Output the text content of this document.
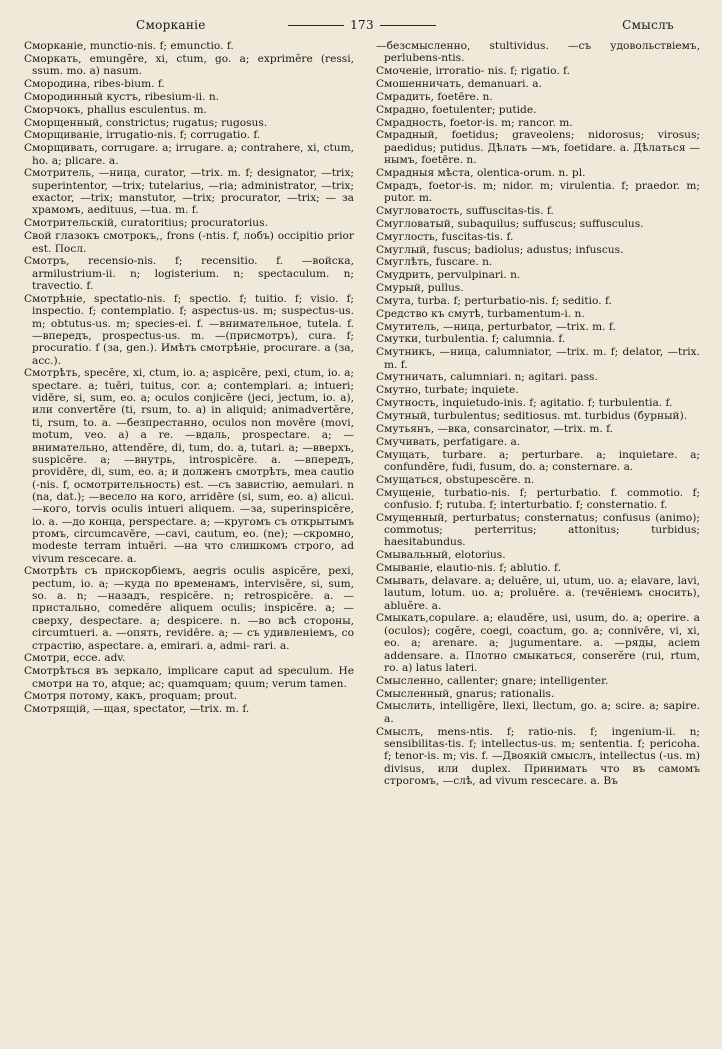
Сморканіе	173	Смыслъ

Сморканіе, munctio-nis. f; emunctio. f.

Сморкать, emungĕre, xi, ctum, go. a; exprimĕre (ressi, ssum. mo. a) nasum.

Смородина, ribes-bium. f.

Смородинный кустъ, ribesium-ii. n.

Сморчокъ, phallus esculentus. m.

Сморщенный, constrictus; rugatus; rugosus.

Сморщиваніе, irrugatio-nis. f; corrugatio. f.

Сморщивать, corrugare. a; irrugare. a; contrahere, xi, ctum, ho. a; plicare. a.

Смотритель, —ница, curator, —trix. m. f; designator, —trix; superintentor, —trix; tutelarius, —ria; administrator, —trix; exactor, —trix; manstutor, —trix; procurator, —trix; — за храмомъ, aedituus, —tua. m. f.

Смотрительскій, curatoritius; procuratorius.

Свой глазокъ смотрокъ,, frons (-ntis. f, лобъ) occipitio prior est. Посл.

Смотръ, recensio-nis. f; recensitio. f. —войска, armilustrium-ii. n; logisterium. n; spectaculum. n; travectio. f.

Смотрѣніе, spectatio-nis. f; spectio. f; tuitio. f; visio. f; inspectio. f; contemplatio. f; aspectus-us. m; suspectus-us. m; obtutus-us. m; species-ei. f. —внимательное, tutela. f. —впередъ, prospectus-us. m. —(присмотръ), cura. f; procuratio. f (за, gen.). Имѣть смотрѣніе, procurare. a (за, acc.).

Смотрѣть, specĕre, xi, ctum, io. a; aspicĕre, pexi, ctum, io. a; spectare. a; tuēri, tuitus, cor. a; contemplari. a; intueri; vidēre, si, sum, eo. a; oculos conjicĕre (jeci, jectum, io. a), или convertĕre (ti, rsum, to. a) in aliquid; animadvertĕre, ti, rsum, to. a. —безпрестанно, oculos non movēre (movi, motum, veo. a) a re. —вдаль, prospectare. a; —внимательно, attendĕre, di, tum, do. a, tutari. a; —вверхъ, suspicĕre. a; —внутрь, introspicĕre. a. —впередъ, providēre, di, sum, eo. a; и долженъ смотрѣть, mea cautio (-nis. f, осмотрительность) est. —съ завистію, aemulari. n (na, dat.); —весело на кого, arridēre (si, sum, eo. a) alicui. —кого, torvis oculis intueri aliquem. —за, superinspicĕre, io. a. —до конца, perspectare. a; —кругомъ съ открытымъ ртомъ, circumcavēre, —cavi, cautum, eo. (ne); —скромно, modeste terram intuēri. —на что слишкомъ строго, ad vivum rescecare. a.

Смотрѣть съ прискорбіемъ, aegris oculis aspicĕre, pexi, pectum, io. a; —куда по временамъ, intervisĕre, si, sum, so. a. n; —назадъ, respicĕre. n; retrospicĕre. a. —пристально, comedĕre aliquem oculis; inspicĕre. a; —сверху, despectare. a; despicere. n. —во всѣ стороны, circumtueri. a. —опять, revidēre. a; — съ удивленіемъ, со страстію, aspectare. a, emirari. a, admi- rari. a.

Смотри, ecce. adv.

Смотрѣться въ зеркало, implicare caput ad speculum. Не смотри на то, atque; ac; quamquam; quum; verum tamen.

Смотря потому, какъ, proquam; prout.

Смотрящій, —щая, spectator, —trix. m. f.

—безсмысленно, stultividus. —съ удовольствіемъ, perlubens-ntis.

Смоченіе, irroratio- nis. f; rigatio. f.

Смошенничать, demanuari. a.

Смрадить, foetēre. n.

Смрадно, foetulenter; putide.

Смрадность, foetor-is. m; rancor. m.

Смрадный, foetidus; graveolens; nidorosus; virosus; paedidus; putidus. Дѣлать —мъ, foetidare. a. Дѣлаться —нымъ, foetēre. n.

Смрадныя мѣста, olentica-orum. n. pl.

Смрадъ, foetor-is. m; nidor. m; virulentia. f; praedor. m; putor. m.

Смугловатость, suffuscitas-tis. f.

Смугловатый, subaquilus; suffuscus; suffusculus.

Смуглость, fuscitas-tis. f.

Смуглый, fuscus; badiolus; adustus; infuscus.

Смуглѣть, fuscare. n.

Смудрить, pervulpinari. n.

Смурый, pullus.

Смута, turba. f; perturbatio-nis. f; seditio. f.

Средство къ смутѣ, turbamentum-i. n.

Смутитель, —ница, perturbator, —trix. m. f.

Смутки, turbulentia. f; calumnia. f.

Смутникъ, —ница, calumniator, —trix. m. f; delator, —trix. m. f.

Смутничать, calumniari. n; agitari. pass.

Смутно, turbate; inquiete.

Смутность, inquietudo-inis. f; agitatio. f; turbulentia. f.

Смутный, turbulentus; seditiosus. mt. turbidus (бурный).

Смутьянъ, —вка, consarcinator, —trix. m. f.

Смучивать, perfatigare. a.

Смущать, turbare. a; perturbare. a; inquietare. a; confundĕre, fudi, fusum, do. a; consternare. a.

Смущаться, obstupescĕre. n.

Смущеніе, turbatio-nis. f; perturbatio. f. commotio. f; confusio. f; rutuba. f; interturbatio. f; consternatio. f.

Смущенный, perturbatus; consternatus; confusus (animo); commotus; perterritus; attonitus; turbidus; haesitabundus.

Смывальный, elotorius.

Смываніе, elautio-nis. f; ablutio. f.

Смывать, delavare. a; deluĕre, ui, utum, uo. a; elavare, lavi, lautum, lotum. uo. a; proluĕre. a. (течёніемъ сносить), abluĕre. a.

Смыкать,copulare. a; elaudĕre, usi, usum, do. a; operire. a (oculos); cogĕre, coegi, coactum, go. a; connivēre, vi, xi, eo. a; arenare. a; jugumentare. a. —ряды, aciem addensare. a. Плотно смыкаться, conserĕre (rui, rtum, ro. a) latus lateri.

Смысленно, callenter; gnare; intelligenter.

Смысленный, gnarus; rationalis.

Смыслить, intelligĕre, llexi, llectum, go. a; scire. a; sapire. a.

Смыслъ, mens-ntis. f; ratio-nis. f; ingenium-ii. n; sensibilitas-tis. f; intellectus-us. m; sententia. f; pericoha. f; tenor-is. m; vis. f. —Двоякій смыслъ, intellectus (-us. m) divisus, или duplex. Принимать что въ самомъ строгомъ, —слѣ, ad vivum rescecare. a. Въ
